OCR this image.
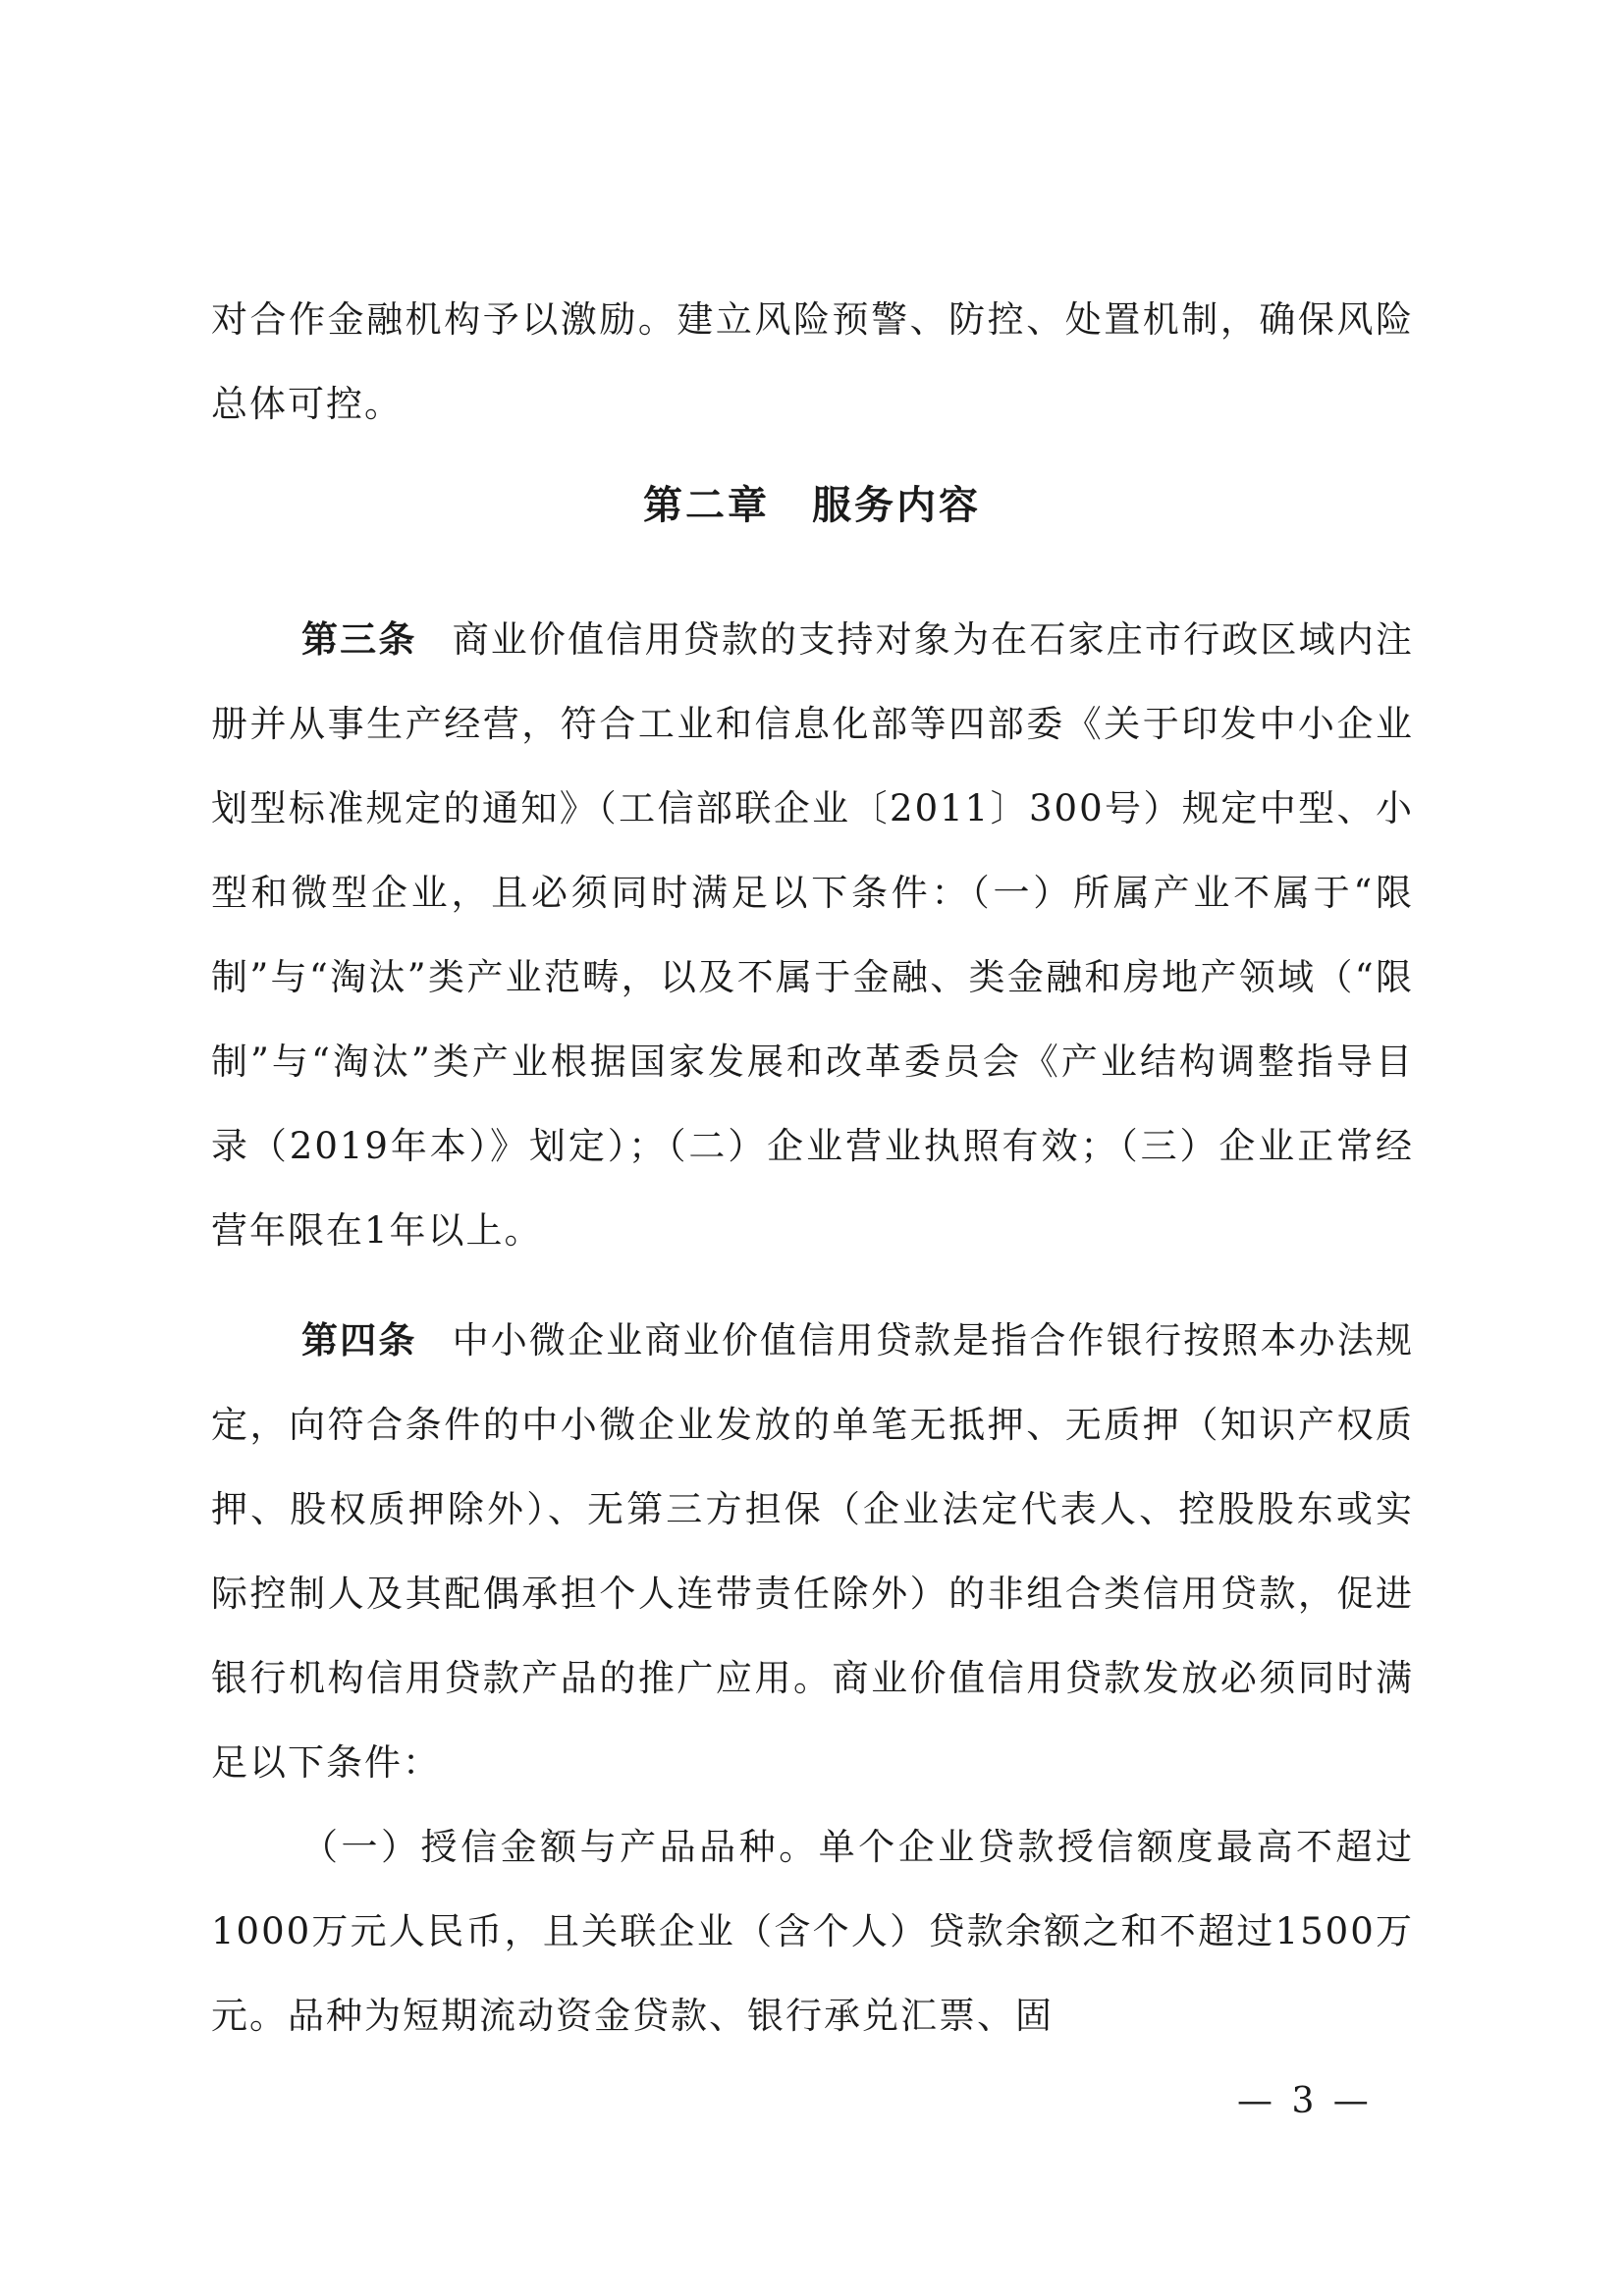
对合作金融机构予以激励。建立风险预警、防控、处置机制，确保风险总体可控。

第二章　服务内容

第三条 商业价值信用贷款的支持对象为在石家庄市行政区域内注册并从事生产经营，符合工业和信息化部等四部委《关于印发中小企业划型标准规定的通知》（工信部联企业〔2011〕300号）规定中型、小型和微型企业，且必须同时满足以下条件：（一）所属产业不属于“限制”与“淘汰”类产业范畴，以及不属于金融、类金融和房地产领域（“限制”与“淘汰”类产业根据国家发展和改革委员会《产业结构调整指导目录（2019年本）》划定）；（二）企业营业执照有效；（三）企业正常经营年限在1年以上。

第四条 中小微企业商业价值信用贷款是指合作银行按照本办法规定，向符合条件的中小微企业发放的单笔无抵押、无质押（知识产权质押、股权质押除外）、无第三方担保（企业法定代表人、控股股东或实际控制人及其配偶承担个人连带责任除外）的非组合类信用贷款，促进银行机构信用贷款产品的推广应用。商业价值信用贷款发放必须同时满足以下条件：

（一）授信金额与产品品种。单个企业贷款授信额度最高不超过1000万元人民币，且关联企业（含个人）贷款余额之和不超过1500万元。品种为短期流动资金贷款、银行承兑汇票、固

— 3 —
